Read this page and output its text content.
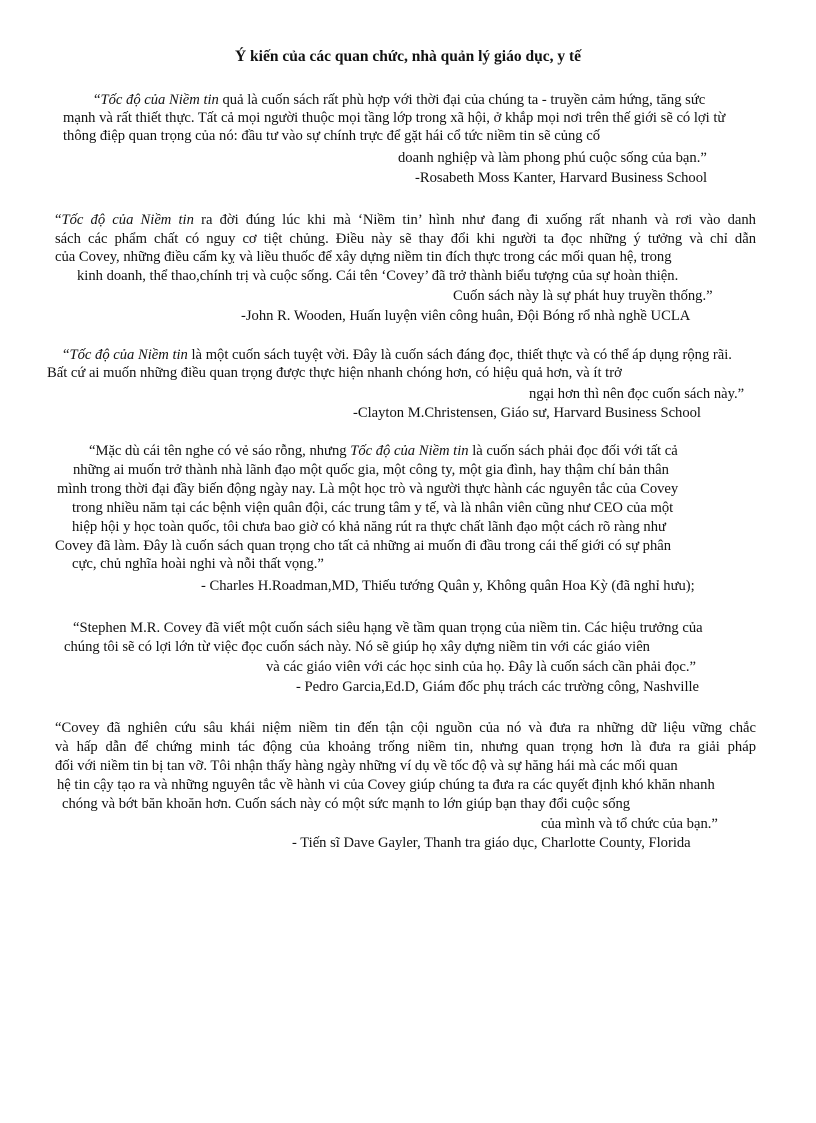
Ý kiến của các quan chức, nhà quản lý giáo dục, y tế
“Tốc độ của Niềm tin quả là cuốn sách rất phù hợp với thời đại của chúng ta - truyền cảm hứng, tăng sức
mạnh và rất thiết thực. Tất cả mọi người thuộc mọi tầng lớp trong xã hội, ở khắp mọi nơi trên thế giới sẽ có lợi từ
thông điệp quan trọng của nó: đầu tư vào sự chính trực để gặt hái cổ tức niềm tin sẽ củng cố
doanh nghiệp và làm phong phú cuộc sống của bạn.”
-Rosabeth Moss Kanter, Harvard Business School
“Tốc độ của Niềm tin ra đời đúng lúc khi mà ‘Niềm tin’ hình như đang đi xuống rất nhanh và rơi vào danh
sách các phẩm chất có nguy cơ tiệt chủng. Điều này sẽ thay đổi khi người ta đọc những ý tưởng và chỉ dẫn
của Covey, những điều cấm kỵ và liều thuốc để xây dựng niềm tin đích thực trong các mối quan hệ, trong
kinh doanh, thể thao,chính trị và cuộc sống. Cái tên ‘Covey’ đã trở thành biểu tượng của sự hoàn thiện.
Cuốn sách này là sự phát huy truyền thống.”
-John R. Wooden, Huấn luyện viên công huân, Đội Bóng rổ nhà nghề UCLA
“Tốc độ của Niềm tin là một cuốn sách tuyệt vời. Đây là cuốn sách đáng đọc, thiết thực và có thể áp dụng rộng rãi.
Bất cứ ai muốn những điều quan trọng được thực hiện nhanh chóng hơn, có hiệu quả hơn, và ít trở
ngại hơn thì nên đọc cuốn sách này.”
-Clayton M.Christensen, Giáo sư, Harvard Business School
“Mặc dù cái tên nghe có vẻ sáo rỗng, nhưng Tốc độ của Niềm tin là cuốn sách phải đọc đối với tất cả
những ai muốn trở thành nhà lãnh đạo một quốc gia, một công ty, một gia đình, hay thậm chí bản thân
mình trong thời đại đầy biến động ngày nay. Là một học trò và người thực hành các nguyên tắc của Covey
trong nhiều năm tại các bệnh viện quân đội, các trung tâm y tế, và là nhân viên cũng như CEO của một
hiệp hội y học toàn quốc, tôi chưa bao giờ có khả năng rút ra thực chất lãnh đạo một cách rõ ràng như
Covey đã làm. Đây là cuốn sách quan trọng cho tất cả những ai muốn đi đầu trong cái thế giới có sự phân
cực, chủ nghĩa hoài nghi và nỗi thất vọng.”
- Charles H.Roadman,MD, Thiếu tướng Quân y, Không quân Hoa Kỳ (đã nghỉ hưu);
“Stephen M.R. Covey đã viết một cuốn sách siêu hạng về tầm quan trọng của niềm tin. Các hiệu trưởng của
chúng tôi sẽ có lợi lớn từ việc đọc cuốn sách này. Nó sẽ giúp họ xây dựng niềm tin với các giáo viên
và các giáo viên với các học sinh của họ. Đây là cuốn sách cần phải đọc.”
- Pedro Garcia,Ed.D, Giám đốc phụ trách các trường công, Nashville
“Covey đã nghiên cứu sâu khái niệm niềm tin đến tận cội nguồn của nó và đưa ra những dữ liệu vững chắc
và hấp dẫn để chứng minh tác động của khoảng trống niềm tin, nhưng quan trọng hơn là đưa ra giải pháp
đối với niềm tin bị tan vỡ. Tôi nhận thấy hàng ngày những ví dụ về tốc độ và sự hăng hái mà các mối quan
hệ tin cậy tạo ra và những nguyên tắc về hành vi của Covey giúp chúng ta đưa ra các quyết định khó khăn nhanh
chóng và bớt băn khoăn hơn. Cuốn sách này có một sức mạnh to lớn giúp bạn thay đổi cuộc sống
của mình và tổ chức của bạn.”
- Tiến sĩ Dave Gayler, Thanh tra giáo dục, Charlotte County, Florida
